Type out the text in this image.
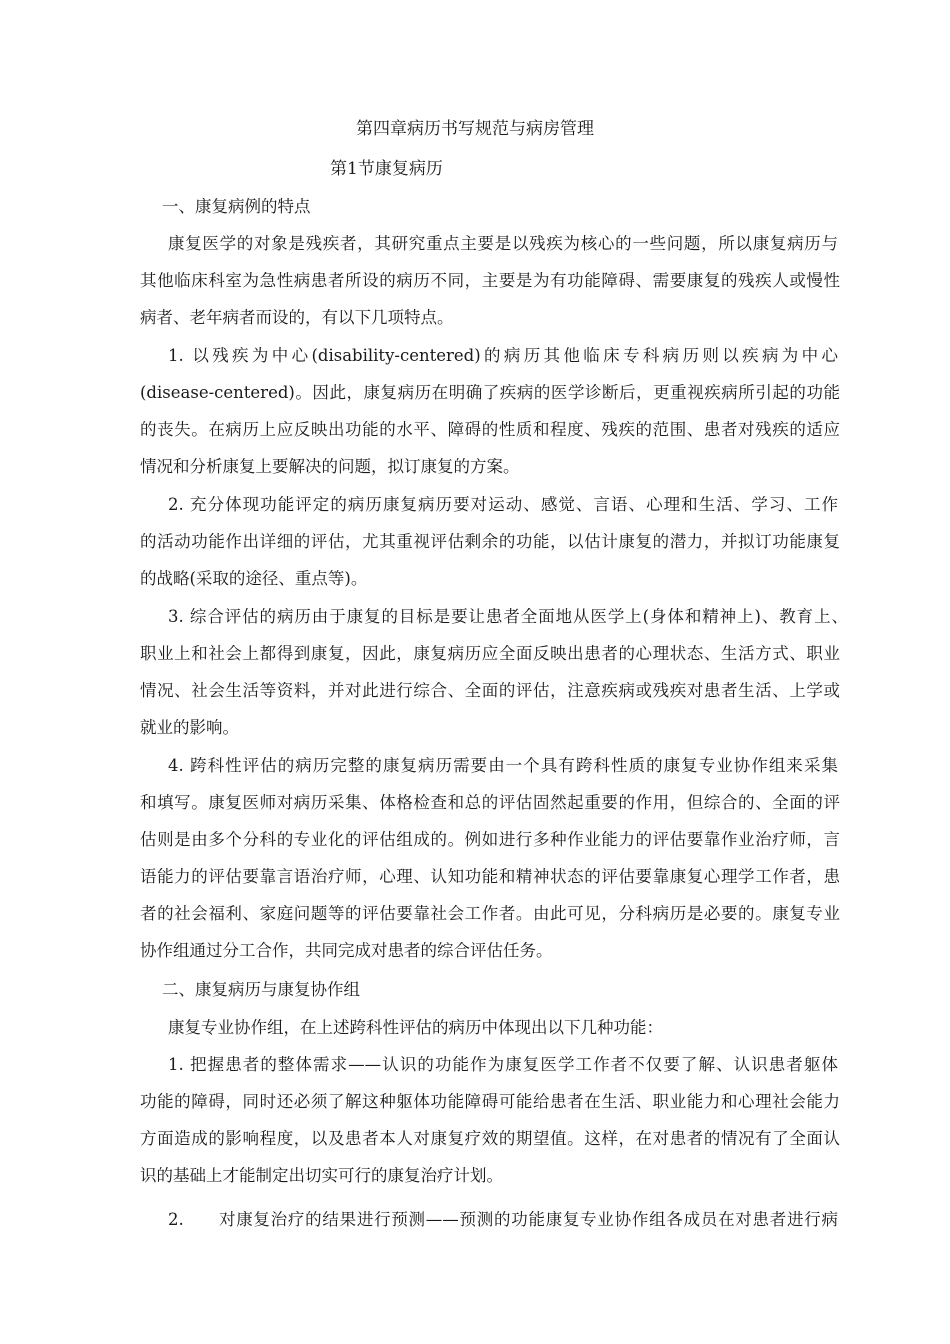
第四章病历书写规范与病房管理
第1节康复病历
一、康复病例的特点
康复医学的对象是残疾者，其研究重点主要是以残疾为核心的一些问题，所以康复病历与
其他临床科室为急性病患者所设的病历不同，主要是为有功能障碍、需要康复的残疾人或慢性
病者、老年病者而设的，有以下几项特点。
1. 以残疾为中心(disability-centered)的病历其他临床专科病历则以疾病为中心
(disease-centered)。因此，康复病历在明确了疾病的医学诊断后，更重视疾病所引起的功能
的丧失。在病历上应反映出功能的水平、障碍的性质和程度、残疾的范围、患者对残疾的适应
情况和分析康复上要解决的问题，拟订康复的方案。
2. 充分体现功能评定的病历康复病历要对运动、感觉、言语、心理和生活、学习、工作
的活动功能作出详细的评估，尤其重视评估剩余的功能，以估计康复的潜力，并拟订功能康复
的战略(采取的途径、重点等)。
3. 综合评估的病历由于康复的目标是要让患者全面地从医学上(身体和精神上)、教育上、
职业上和社会上都得到康复，因此，康复病历应全面反映出患者的心理状态、生活方式、职业
情况、社会生活等资料，并对此进行综合、全面的评估，注意疾病或残疾对患者生活、上学或
就业的影响。
4. 跨科性评估的病历完整的康复病历需要由一个具有跨科性质的康复专业协作组来采集
和填写。康复医师对病历采集、体格检查和总的评估固然起重要的作用，但综合的、全面的评
估则是由多个分科的专业化的评估组成的。例如进行多种作业能力的评估要靠作业治疗师，言
语能力的评估要靠言语治疗师，心理、认知功能和精神状态的评估要靠康复心理学工作者，患
者的社会福利、家庭问题等的评估要靠社会工作者。由此可见，分科病历是必要的。康复专业
协作组通过分工合作，共同完成对患者的综合评估任务。
二、康复病历与康复协作组
康复专业协作组，在上述跨科性评估的病历中体现出以下几种功能：
1. 把握患者的整体需求——认识的功能作为康复医学工作者不仅要了解、认识患者躯体
功能的障碍，同时还必须了解这种躯体功能障碍可能给患者在生活、职业能力和心理社会能力
方面造成的影响程度，以及患者本人对康复疗效的期望值。这样，在对患者的情况有了全面认
识的基础上才能制定出切实可行的康复治疗计划。
2.　　对康复治疗的结果进行预测——预测的功能康复专业协作组各成员在对患者进行病
